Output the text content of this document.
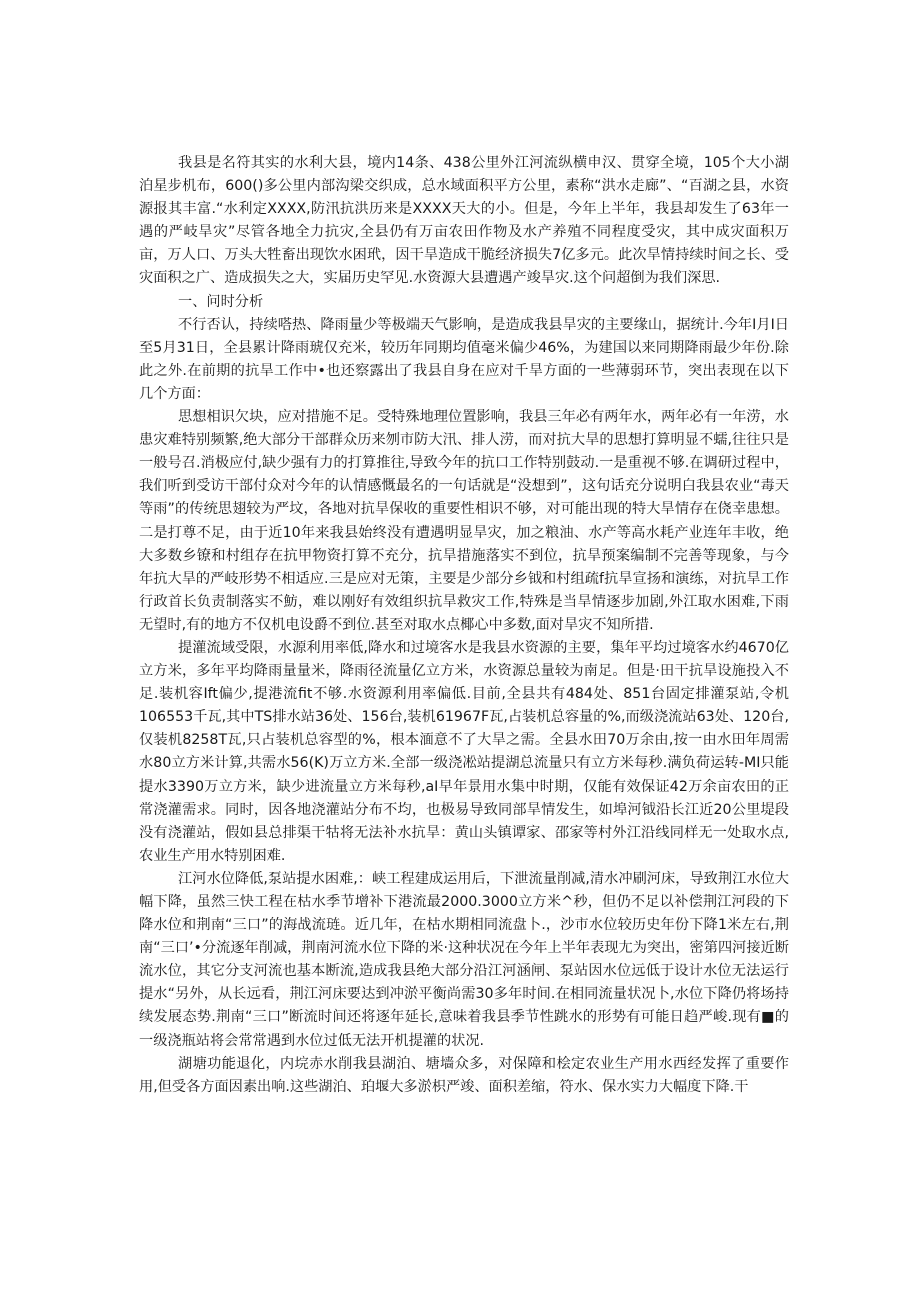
我县是名符其实的水利大县，境内14条、438公里外江河流纵横申汉、贯穿全境，105个大小湖泊星步机布，600()多公里内部沟梁交织成，总水域面积平方公里，素称“洪水走廊”、“百湖之县，水资源报其丰富.“水利定XXXX,防汛抗洪历来是XXXX天大的小。但是，今年上半年，我县却发生了63年一遇的严岐旱灾”尽管各地全力抗灾,全县仍有万亩农田作物及水产养殖不同程度受灾，其中成灾面积万亩，万人口、万头大牲畜出现饮水困玳，因干旱造成干脆经济损失7亿多元。此次旱情持续时间之长、受灾面积之广、造成损失之大，实届历史罕见.水资源大县遭遇产竣旱灾.这个问超倒为我们深思.

一、问时分析

不行否认，持续嗒热、降雨量少等极端天气影响，是造成我县旱灾的主要缘山，据统计.今年I月I日至5月31日，全县累计降雨琥仅充米，较历年同期均值毫米偏少46%，为建国以来同期降雨最少年份.除此之外.在前期的抗旱工作中•也还察露出了我县自身在应对千旱方面的一些薄弱环节，突出表现在以下几个方面：

思想相识欠块，应对措施不足。受特殊地理位置影响，我县三年必有两年水，两年必有一年涝，水患灾难特别频繁,绝大部分干部群众历来刎市防大汛、排人涝，而对抗大旱的思想打算明显不蠕,往往只是一般号召.消极应付,缺少强有力的打算推往,导致今年的抗口工作特别鼓动.一是重视不够.在调研过程中，我们听到受访干部付众对今年的认情感慨最名的一句话就是“没想到”，这句话充分说明白我县农业“毒天等雨”的传统思翅较为严坟，各地对抗旱保收的重要性相识不够，对可能出现的特大旱情存在侥幸患想。二是打尊不足，由于近10年来我县始终没有遭遇明显旱灾，加之粮油、水产等高水耗产业连年丰收，绝大多数乡镣和村组存在抗甲物资打算不充分，抗旱措施落实不到位，抗旱预案编制不完善等现象，与今年抗大旱的严岐形势不相适应.三是应对无策，主要是少部分乡钺和村组疏f抗旱宣扬和演练，对抗旱工作行政首长负责制落实不魴，难以刚好有效组织抗旱救灾工作,特殊是当旱情逐步加剧,外江取水困难,下雨无望时,有的地方不仅机电设爵不到位.甚至对取水点椰心中多数,面对旱灾不知所措.

提灌流域受限，水源利用率低,降水和过境客水是我县水资源的主要，集年平均过境客水约4670亿立方米，多年平均降雨量量米，降雨径流量亿立方米，水资源总量较为南足。但是·田干抗旱设施投入不足.装机容Ift偏少,提港流fit不够.水资源利用率偏低.目前,全县共有484处、851台固定排灌泵站,令机106553千瓦,其中TS排水站36处、156台,装机61967F瓦,占装机总容量的%,而级浇流站63处、120台,仅装机8258T瓦,只占装机总容型的%，根本湎意不了大旱之需。全县水田70万余由,按一由水田年周需水80立方米计算,共需水56(K)万立方米.全部一级浇凇站提湖总流量只有立方米每秒.满负荷运转-MI只能提水3390万立方米，缺少进流量立方米每秒,aI早年景用水集中时期，仅能有效保证42万余亩农田的正常浇灌需求。同时，因各地浇灌站分布不均，也极易导致同部旱情发生，如埠河钺沿长江近20公里堤段没有浇灌站，假如县总排渠干牯将无法补水抗旱：黄山头镇谭家、邵家等村外江沿线同样无一处取水点,农业生产用水特别困难.

江河水位降低,泵站提水困难,：峡工程建成运用后，下泄流量削减,清水冲刷河床，导致荆江水位大幅下降，虽然三快工程在枯水季节增补下港流最2000.3000立方米^秒，但仍不足以补偿荆江河段的下降水位和荆南“三口”的海战流琏。近几年，在枯水期相同流盘卜.，沙市水位较历史年份下降1米左右,荆南“三口’•分流逐年削减，荆南河流水位下降的米·这种状况在今年上半年表现尢为突出，密第四河接近断流水位，其它分支河流也基本断流,造成我县绝大部分沿江河涵闸、泵站因水位远低于设计水位无法运行提水“另外，从长远看，荆江河床要达到冲淤平衡尚需30多年时间.在相同流量状况卜,水位下降仍将场持续发展态势.荆南“三口”断流时间还将逐年延长,意味着我县季节性跳水的形势有可能日趋严峻.现有■的一级浇瓶站将会常常遇到水位过低无法开机提灌的状况.

湖塘功能退化，内垸赤水削我县湖泊、塘墙众多，对保障和桧定农业生产用水西经发挥了重要作用,但受各方面因素出响.这些湖泊、珀堰大多淤枳严竣、面积差缩，符水、保水实力大幅度下降.干
